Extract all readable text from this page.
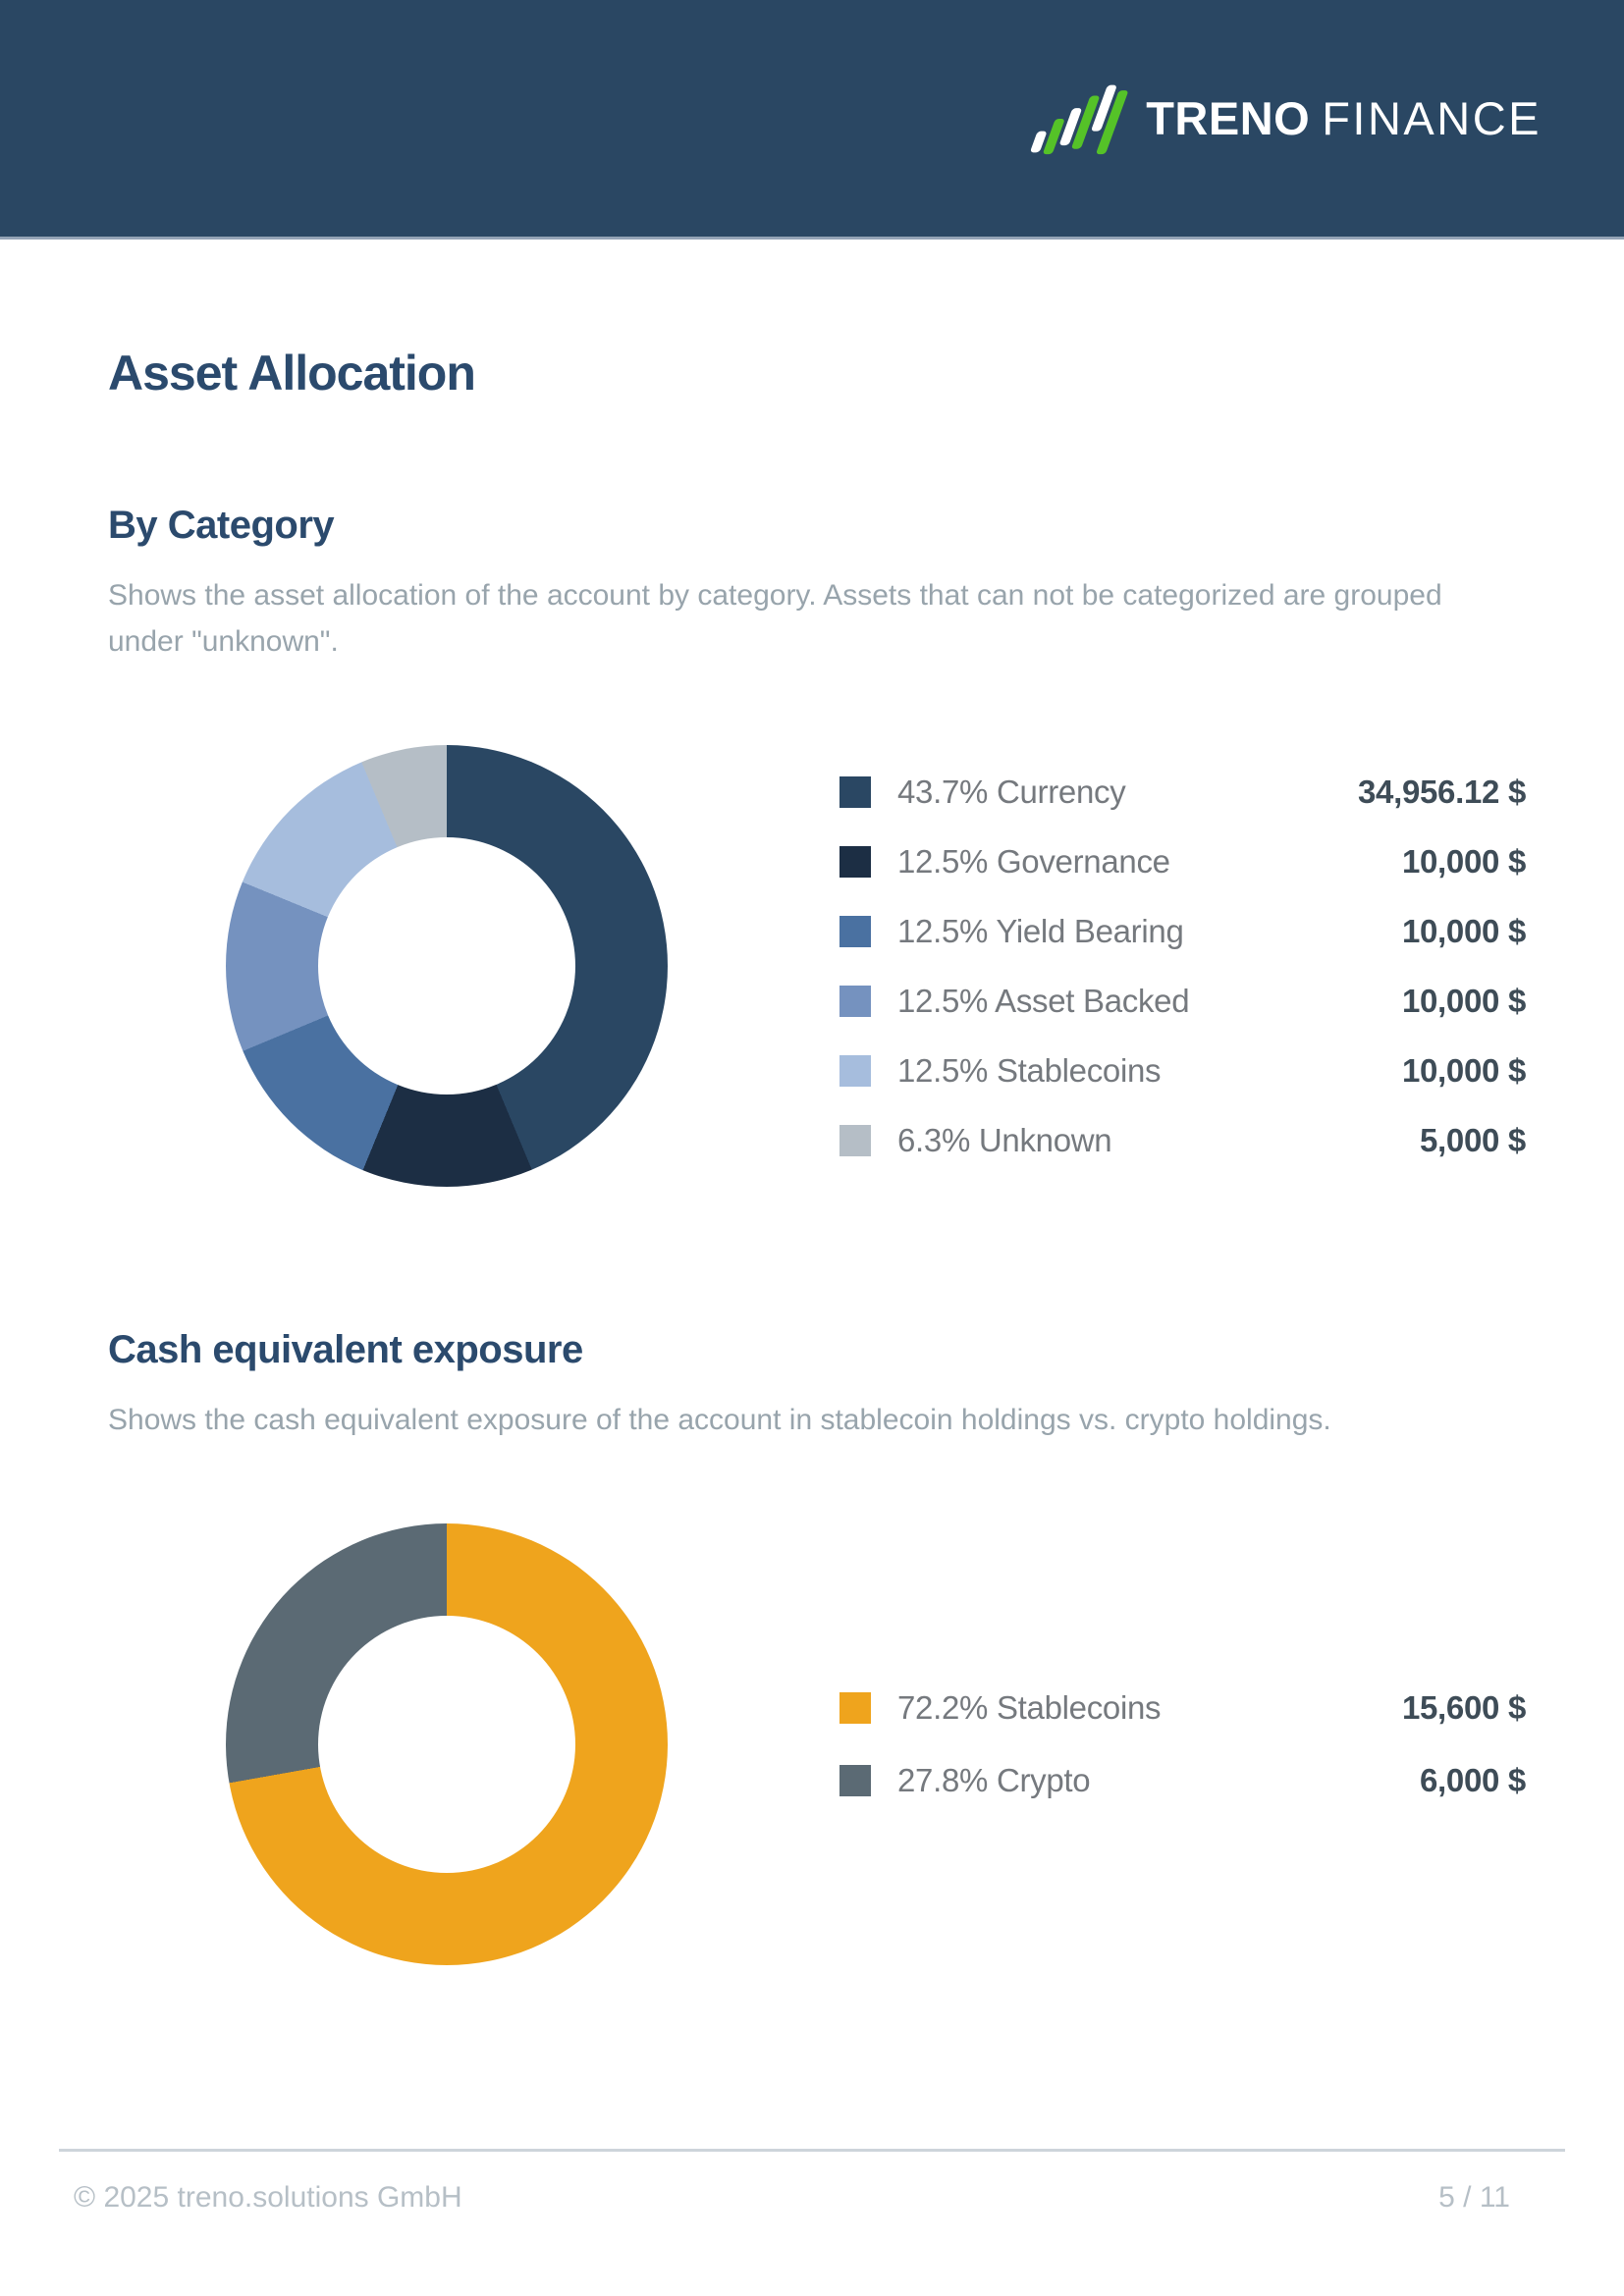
TRENO FINANCE
Asset Allocation
By Category

Shows the asset allocation of the account by category. Assets that can not be categorized are grouped under "unknown".

43.7% Currency	34,956.12 $
12.5% Governance	10,000 $
12.5% Yield Bearing	10,000 $
12.5% Asset Backed	10,000 $
12.5% Stablecoins	10,000 $
6.3% Unknown	5,000 $
Cash equivalent exposure

Shows the cash equivalent exposure of the account in stablecoin holdings vs. crypto holdings.

72.2% Stablecoins	15,600 $
27.8% Crypto	6,000 $
© 2025 treno.solutions GmbH	5 / 11
